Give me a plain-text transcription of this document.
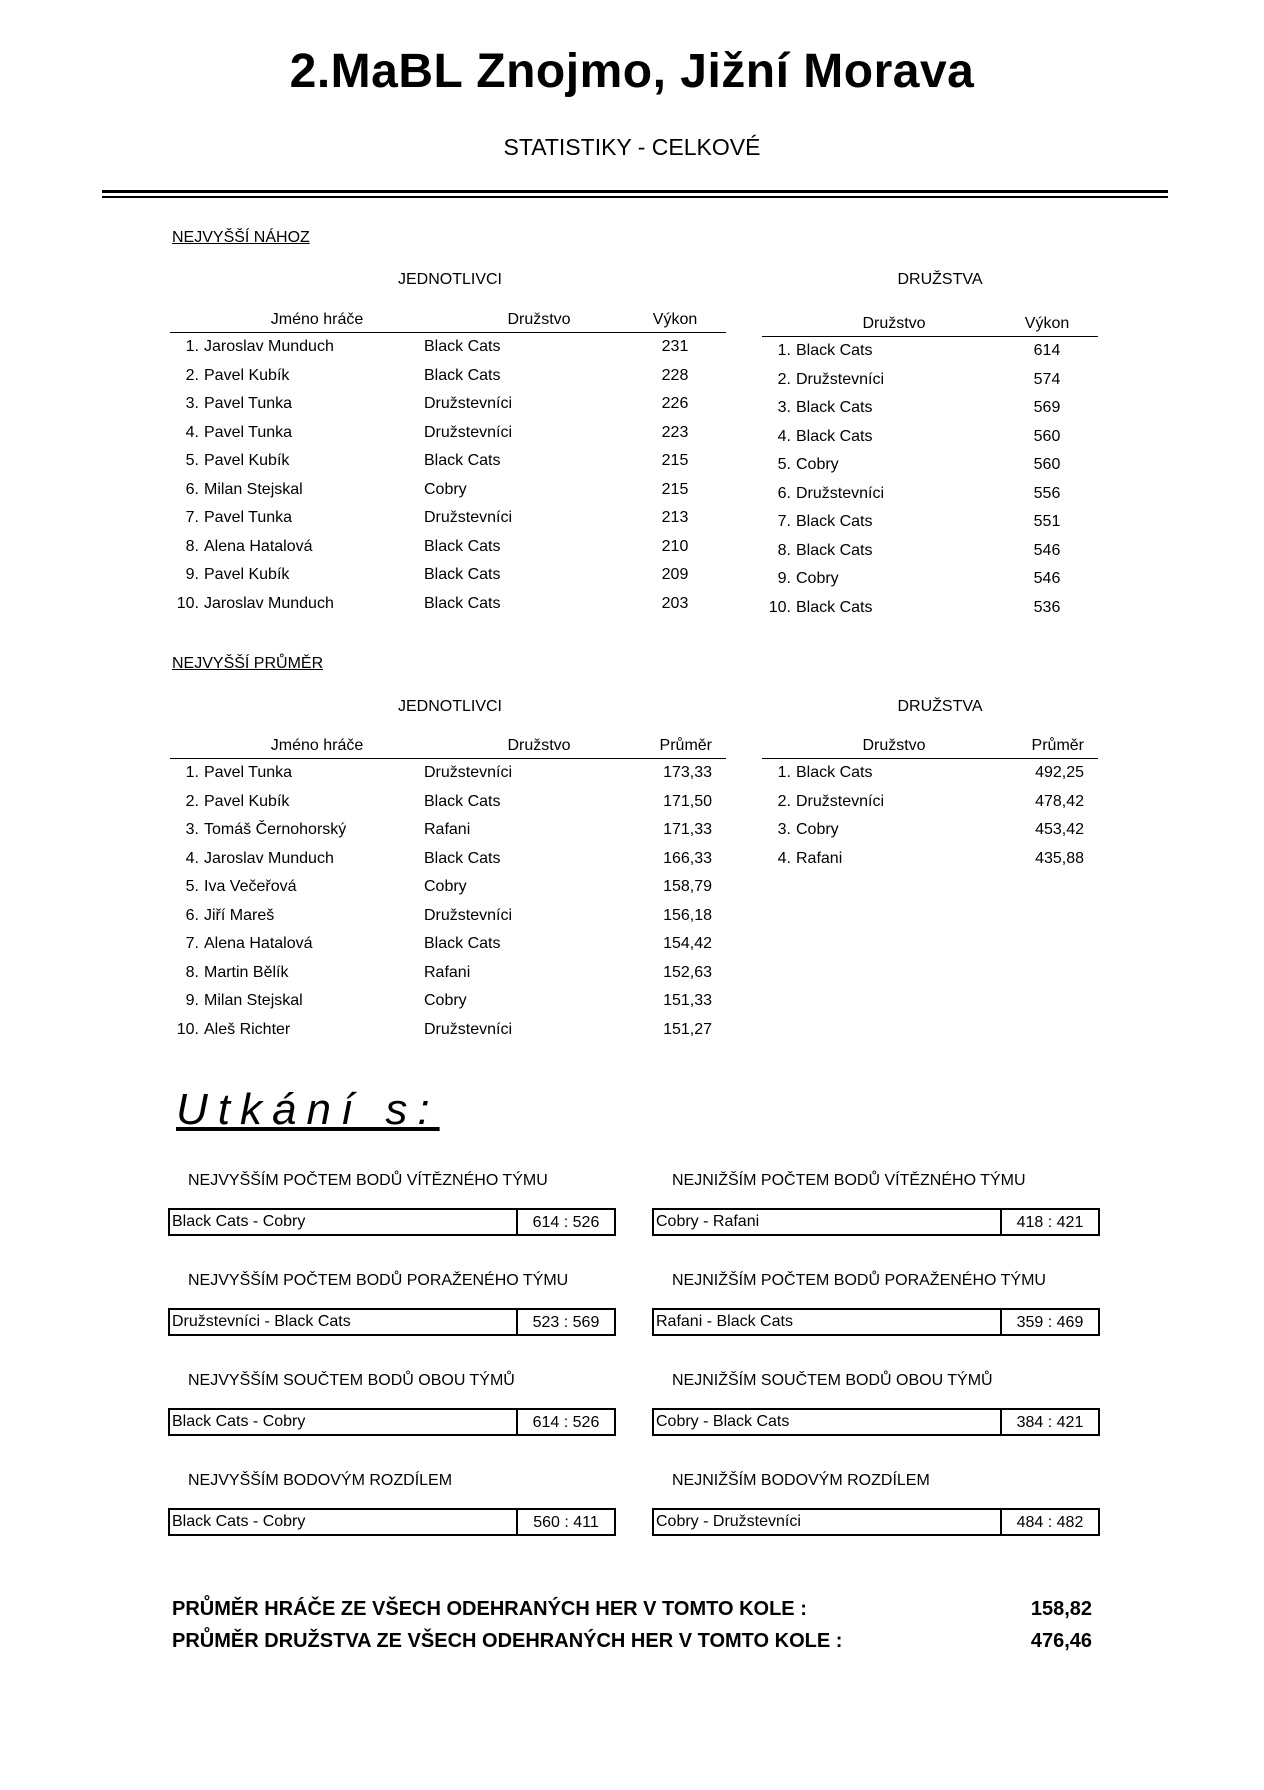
2.MaBL Znojmo, Jižní Morava
STATISTIKY - CELKOVÉ
NEJVYŠŠÍ NÁHOZ
JEDNOTLIVCI	DRUŽSTVA
Jméno hráče		Družstvo	Výkon
1.	Jaroslav Munduch	Black Cats	231
2.	Pavel Kubík	Black Cats	228
3.	Pavel Tunka	Družstevníci	226
4.	Pavel Tunka	Družstevníci	223
5.	Pavel Kubík	Black Cats	215
6.	Milan Stejskal	Cobry	215
7.	Pavel Tunka	Družstevníci	213
8.	Alena Hatalová	Black Cats	210
9.	Pavel Kubík	Black Cats	209
10.	Jaroslav Munduch	Black Cats	203
Družstvo		Výkon
1.	Black Cats	614
2.	Družstevníci	574
3.	Black Cats	569
4.	Black Cats	560
5.	Cobry	560
6.	Družstevníci	556
7.	Black Cats	551
8.	Black Cats	546
9.	Cobry	546
10.	Black Cats	536
NEJVYŠŠÍ PRŮMĚR
JEDNOTLIVCI	DRUŽSTVA
Jméno hráče		Družstvo	Průměr
1.	Pavel Tunka	Družstevníci	173,33
2.	Pavel Kubík	Black Cats	171,50
3.	Tomáš Černohorský	Rafani	171,33
4.	Jaroslav Munduch	Black Cats	166,33
5.	Iva Večeřová	Cobry	158,79
6.	Jiří Mareš	Družstevníci	156,18
7.	Alena Hatalová	Black Cats	154,42
8.	Martin Bělík	Rafani	152,63
9.	Milan Stejskal	Cobry	151,33
10.	Aleš Richter	Družstevníci	151,27
Družstvo		Průměr
1.	Black Cats	492,25
2.	Družstevníci	478,42
3.	Cobry	453,42
4.	Rafani	435,88
Utkání s:
NEJVYŠŠÍM POČTEM BODŮ VÍTĚZNÉHO TÝMU
Black Cats - Cobry	614 : 526
NEJNIŽŠÍM POČTEM BODŮ VÍTĚZNÉHO TÝMU
Cobry - Rafani	418 : 421
NEJVYŠŠÍM POČTEM BODŮ PORAŽENÉHO TÝMU
Družstevníci - Black Cats	523 : 569
NEJNIŽŠÍM POČTEM BODŮ PORAŽENÉHO TÝMU
Rafani - Black Cats	359 : 469
NEJVYŠŠÍM SOUČTEM BODŮ OBOU TÝMŮ
Black Cats - Cobry	614 : 526
NEJNIŽŠÍM SOUČTEM BODŮ OBOU TÝMŮ
Cobry - Black Cats	384 : 421
NEJVYŠŠÍM BODOVÝM ROZDÍLEM
Black Cats - Cobry	560 : 411
NEJNIŽŠÍM BODOVÝM ROZDÍLEM
Cobry - Družstevníci	484 : 482
PRŮMĚR HRÁČE ZE VŠECH ODEHRANÝCH HER V TOMTO KOLE :	158,82
PRŮMĚR DRUŽSTVA ZE VŠECH ODEHRANÝCH HER V TOMTO KOLE :	476,46
